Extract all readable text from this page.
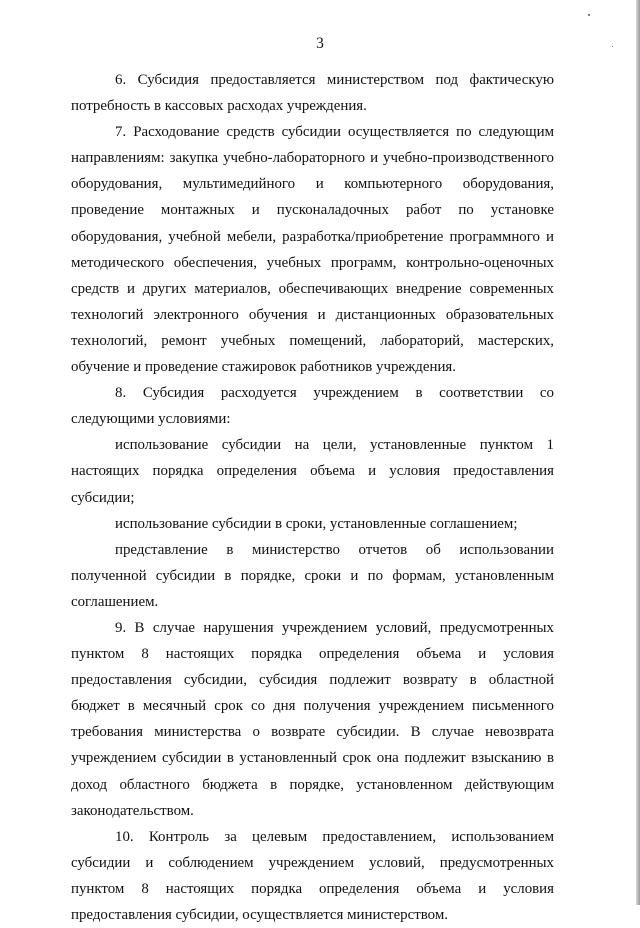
3

6. Субсидия предоставляется министерством под фактическую потребность в кассовых расходах учреждения.

7. Расходование средств субсидии осуществляется по следующим направлениям: закупка учебно-лабораторного и учебно-производственного оборудования, мультимедийного и компьютерного оборудования, проведение монтажных и пусконаладочных работ по установке оборудования, учебной мебели, разработка/приобретение программного и методического обеспечения, учебных программ, контрольно-оценочных средств и других материалов, обеспечивающих внедрение современных технологий электронного обучения и дистанционных образовательных технологий, ремонт учебных помещений, лабораторий, мастерских, обучение и проведение стажировок работников учреждения.

8. Субсидия расходуется учреждением в соответствии со следующими условиями:

использование субсидии на цели, установленные пунктом 1 настоящих порядка определения объема и условия предоставления субсидии;

использование субсидии в сроки, установленные соглашением;

представление в министерство отчетов об использовании полученной субсидии в порядке, сроки и по формам, установленным соглашением.

9. В случае нарушения учреждением условий, предусмотренных пунктом 8 настоящих порядка определения объема и условия предоставления субсидии, субсидия подлежит возврату в областной бюджет в месячный срок со дня получения учреждением письменного требования министерства о возврате субсидии. В случае невозврата учреждением субсидии в установленный срок она подлежит взысканию в доход областного бюджета в порядке, установленном действующим законодательством.

10. Контроль за целевым предоставлением, использованием субсидии и соблюдением учреждением условий, предусмотренных пунктом 8 настоящих порядка определения объема и условия предоставления субсидии, осуществляется министерством.
